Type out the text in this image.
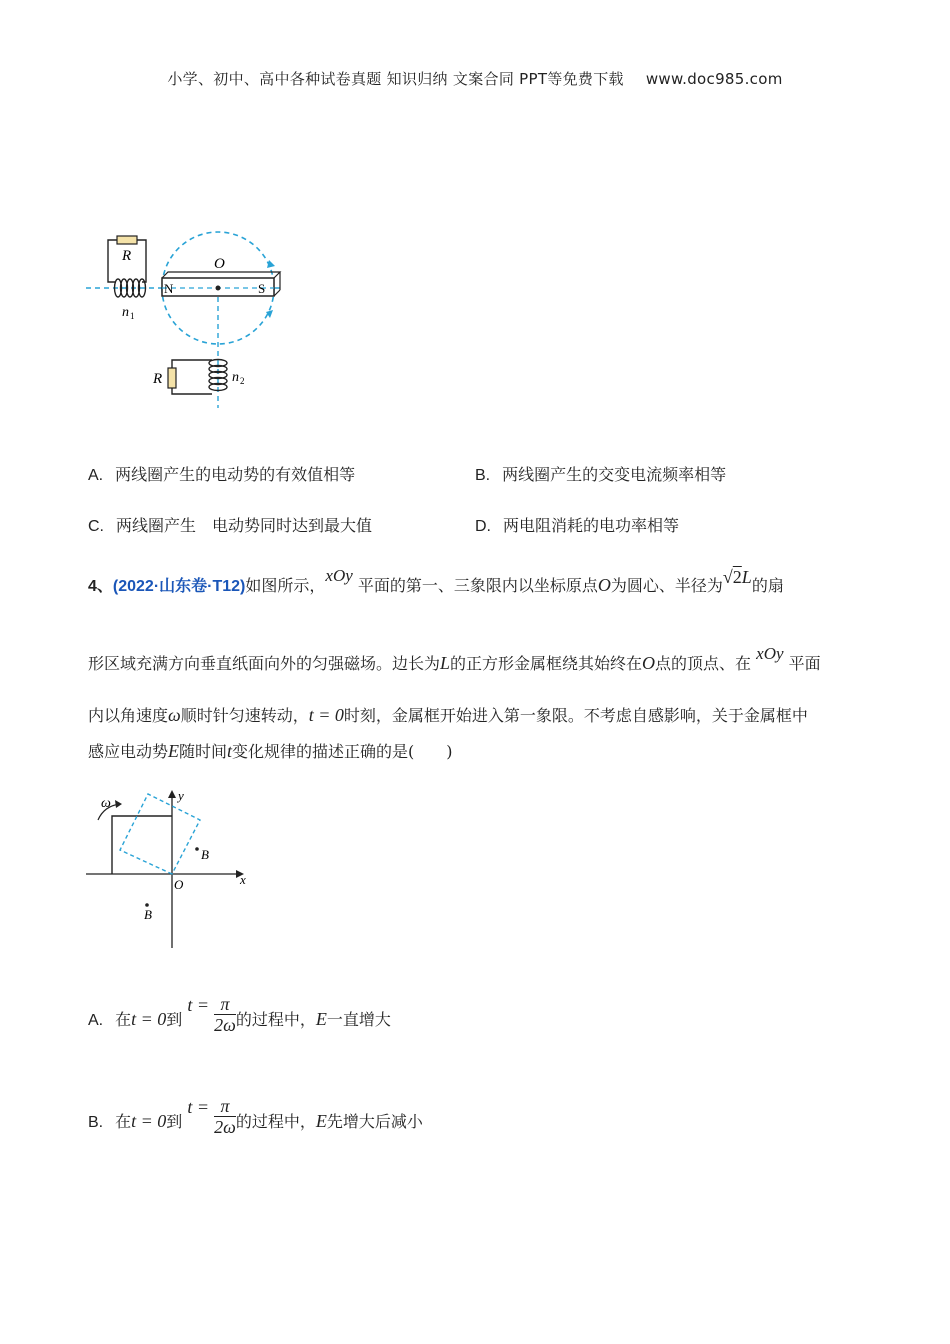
小学、初中、高中各种试卷真题 知识归纳 文案合同 PPT等免费下载 www.doc985.com
N	S
O
R
n 1
R	n 2
A. 两线圈产生的电动势的有效值相等	B. 两线圈产生的交变电流频率相等
C. 两线圈产生　电动势同时达到最大值	D. 两电阻消耗的电功率相等
4、(2022·山东卷·T12)如图所示，xOy 平面的第一、三象限内以坐标原点O为圆心、半径为√2L的扇
形区域充满方向垂直纸面向外的匀强磁场。边长为L的正方形金属框绕其始终在O点的顶点、在 xOy 平面
内以角速度ω顺时针匀速转动，t = 0时刻，金属框开始进入第一象限。不考虑自感影响，关于金属框中
感应电动势E随时间t变化规律的描述正确的是(　　)
y
x
O
ω
B
B
A. 在t = 0到 $t = \frac{\pi}{2\omega}$ 的过程中，E一直增大
B. 在t = 0到 $t = \frac{\pi}{2\omega}$ 的过程中，E先增大后减小
